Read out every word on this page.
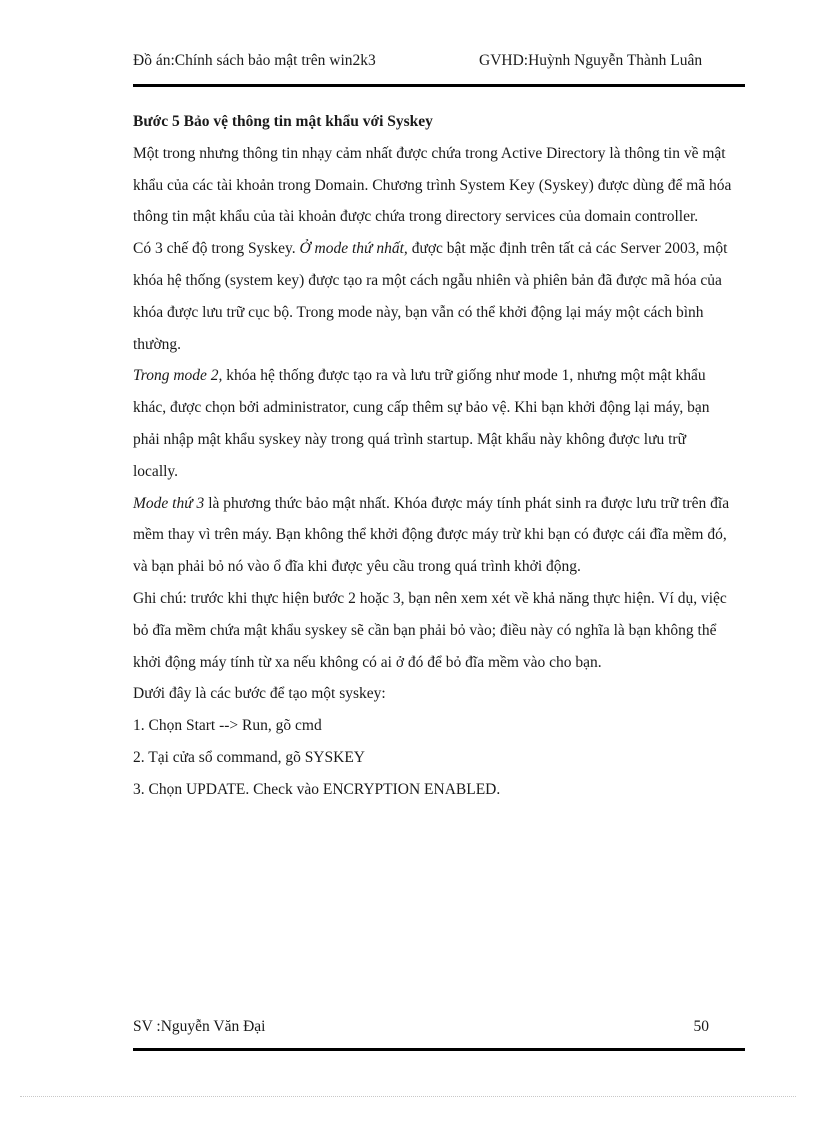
Đồ án:Chính sách bảo mật trên win2k3	GVHD:Huỳnh Nguyễn Thành Luân
Bước 5 Bảo vệ thông tin mật khẩu với Syskey

Một trong nhưng thông tin nhạy cảm nhất được chứa trong Active Directory là thông tin về mật khẩu của các tài khoản trong Domain. Chương trình System Key (Syskey) được dùng để mã hóa thông tin mật khẩu của tài khoản được chứa trong directory services của domain controller.

Có 3 chế độ trong Syskey. Ở mode thứ nhất, được bật mặc định trên tất cả các Server 2003, một khóa hệ thống (system key) được tạo ra một cách ngẫu nhiên và phiên bản đã được mã hóa của khóa được lưu trữ cục bộ. Trong mode này, bạn vẫn có thể khởi động lại máy một cách bình thường.

Trong mode 2, khóa hệ thống được tạo ra và lưu trữ giống như mode 1, nhưng một mật khẩu khác, được chọn bởi administrator, cung cấp thêm sự bảo vệ. Khi bạn khởi động lại máy, bạn phải nhập mật khẩu syskey này trong quá trình startup. Mật khẩu này không được lưu trữ locally.

Mode thứ 3 là phương thức bảo mật nhất. Khóa được máy tính phát sinh ra được lưu trữ trên đĩa mềm thay vì trên máy. Bạn không thể khởi động được máy trừ khi bạn có được cái đĩa mềm đó, và bạn phải bỏ nó vào ổ đĩa khi được yêu cầu trong quá trình khởi động.

Ghi chú: trước khi thực hiện bước 2 hoặc 3, bạn nên xem xét về khả năng thực hiện. Ví dụ, việc bỏ đĩa mềm chứa mật khẩu syskey sẽ cần bạn phải bỏ vào; điều này có nghĩa là bạn không thể khởi động máy tính từ xa nếu không có ai ở đó để bỏ đĩa mềm vào cho bạn.

Dưới đây là các bước để tạo một syskey:

1. Chọn Start --> Run, gõ cmd

2. Tại cửa sổ command, gõ SYSKEY

3. Chọn UPDATE. Check vào ENCRYPTION ENABLED.

SV :Nguyễn Văn Đại	50
